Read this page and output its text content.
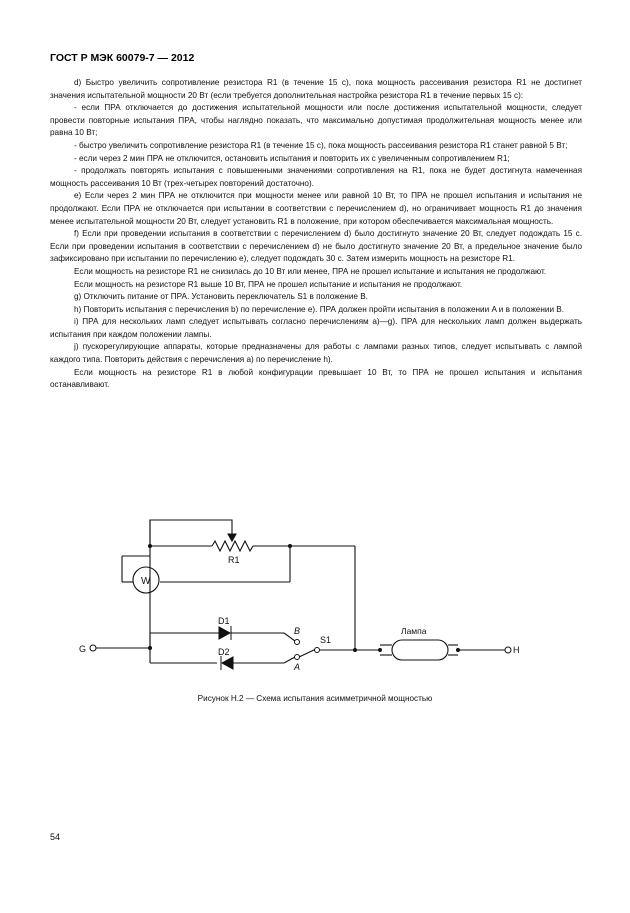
ГОСТ Р МЭК 60079-7 — 2012

d) Быстро увеличить сопротивление резистора R1 (в течение 15 с), пока мощность рассеивания резистора R1 не достигнет значения испытательной мощности 20 Вт (если требуется дополнительная настройка резистора R1 в течение первых 15 с):

- если ПРА отключается до достижения испытательной мощности или после достижения испытательной мощности, следует провести повторные испытания ПРА, чтобы наглядно показать, что максимально допустимая продолжительная мощность менее или равна 10 Вт;

- быстро увеличить сопротивление резистора R1 (в течение 15 с), пока мощность рассеивания резистора R1 станет равной 5 Вт;

- если через 2 мин ПРА не отключится, остановить испытания и повторить их с увеличенным сопротивлением R1;

- продолжать повторять испытания с повышенными значениями сопротивления на R1, пока не будет достигнута намеченная мощность рассеивания 10 Вт (трех-четырех повторений достаточно).

e) Если через 2 мин ПРА не отключится при мощности менее или равной 10 Вт, то ПРА не прошел испытания и испытания не продолжают. Если ПРА не отключается при испытании в соответствии с перечислением d), но ограничивает мощность R1 до значения менее испытательной мощности 20 Вт, следует установить R1 в положение, при котором обеспечивается максимальная мощность.

f) Если при проведении испытания в соответствии с перечислением d) было достигнуто значение 20 Вт, следует подождать 15 с. Если при проведении испытания в соответствии с перечислением d) не было достигнуто значение 20 Вт, а предельное значение было зафиксировано при испытании по перечислению e), следует подождать 30 с. Затем измерить мощность на резисторе R1.

Если мощность на резисторе R1 не снизилась до 10 Вт или менее, ПРА не прошел испытание и испытания не продолжают.

Если мощность на резисторе R1 выше 10 Вт, ПРА не прошел испытание и испытания не продолжают.

g) Отключить питание от ПРА. Установить переключатель S1 в положение B.

h) Повторить испытания с перечисления b) по перечисление e). ПРА должен пройти испытания в положении A и в положении B.

i) ПРА для нескольких ламп следует испытывать согласно перечислениям а)—g). ПРА для нескольких ламп должен выдержать испытания при каждом положении лампы.

j) пускорегулирующие аппараты, которые предназначены для работы с лампами разных типов, следует испытывать с лампой каждого типа. Повторить действия с перечисления а) по перечисление h).

Если мощность на резисторе R1 в любой конфигурации превышает 10 Вт, то ПРА не прошел испытания и испытания останавливают.

R1
W
D1
D2
G
B
A
S1
Лампа
H
Рисунок Н.2 — Схема испытания асимметричной мощностью
54
